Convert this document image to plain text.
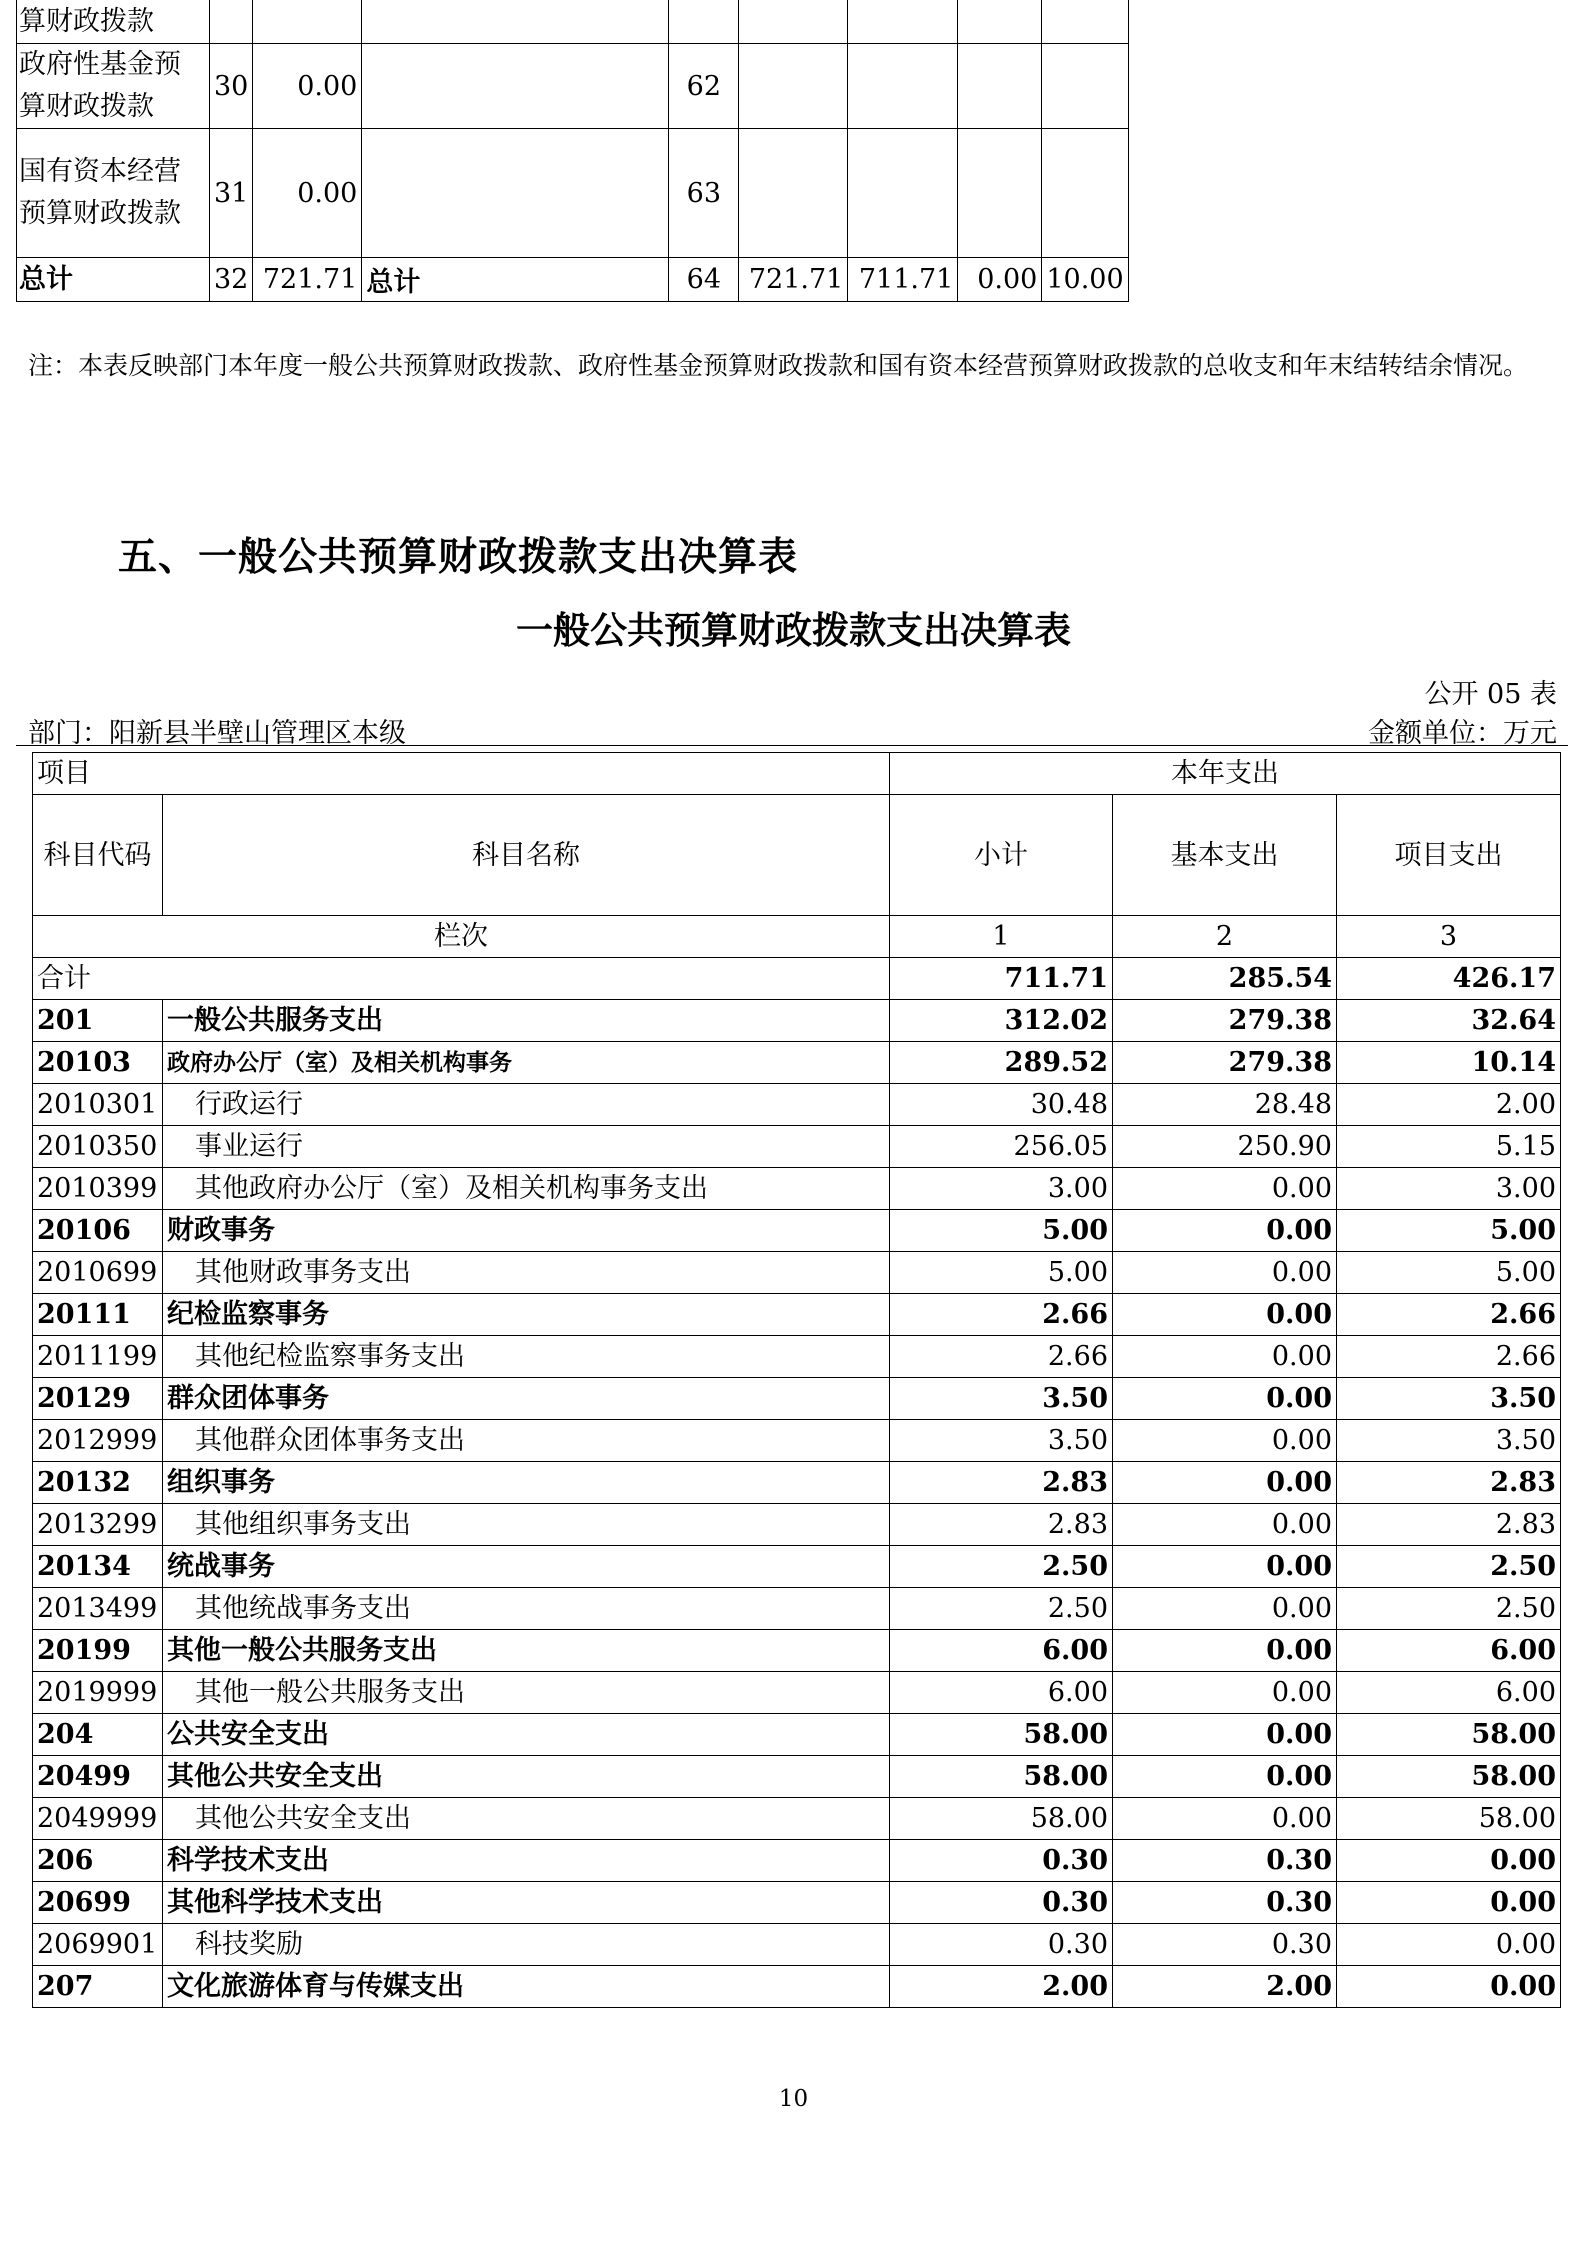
算财政拨款								
政府性基金预算财政拨款	30	0.00		62				
国有资本经营预算财政拨款	31	0.00		63				
总计	32	721.71	总计	64	721.71	711.71	0.00	10.00
注：本表反映部门本年度一般公共预算财政拨款、政府性基金预算财政拨款和国有资本经营预算财政拨款的总收支和年末结转结余情况。
五、一般公共预算财政拨款支出决算表
一般公共预算财政拨款支出决算表
公开 05 表
部门：阳新县半壁山管理区本级	金额单位：万元
项目		本年支出		
科目代码	科目名称	小计	基本支出	项目支出
栏次		1	2	3
合计		711.71	285.54	426.17
201	一般公共服务支出	312.02	279.38	32.64
20103	政府办公厅（室）及相关机构事务	289.52	279.38	10.14
2010301	行政运行	30.48	28.48	2.00
2010350	事业运行	256.05	250.90	5.15
2010399	其他政府办公厅（室）及相关机构事务支出	3.00	0.00	3.00
20106	财政事务	5.00	0.00	5.00
2010699	其他财政事务支出	5.00	0.00	5.00
20111	纪检监察事务	2.66	0.00	2.66
2011199	其他纪检监察事务支出	2.66	0.00	2.66
20129	群众团体事务	3.50	0.00	3.50
2012999	其他群众团体事务支出	3.50	0.00	3.50
20132	组织事务	2.83	0.00	2.83
2013299	其他组织事务支出	2.83	0.00	2.83
20134	统战事务	2.50	0.00	2.50
2013499	其他统战事务支出	2.50	0.00	2.50
20199	其他一般公共服务支出	6.00	0.00	6.00
2019999	其他一般公共服务支出	6.00	0.00	6.00
204	公共安全支出	58.00	0.00	58.00
20499	其他公共安全支出	58.00	0.00	58.00
2049999	其他公共安全支出	58.00	0.00	58.00
206	科学技术支出	0.30	0.30	0.00
20699	其他科学技术支出	0.30	0.30	0.00
2069901	科技奖励	0.30	0.30	0.00
207	文化旅游体育与传媒支出	2.00	2.00	0.00
10
